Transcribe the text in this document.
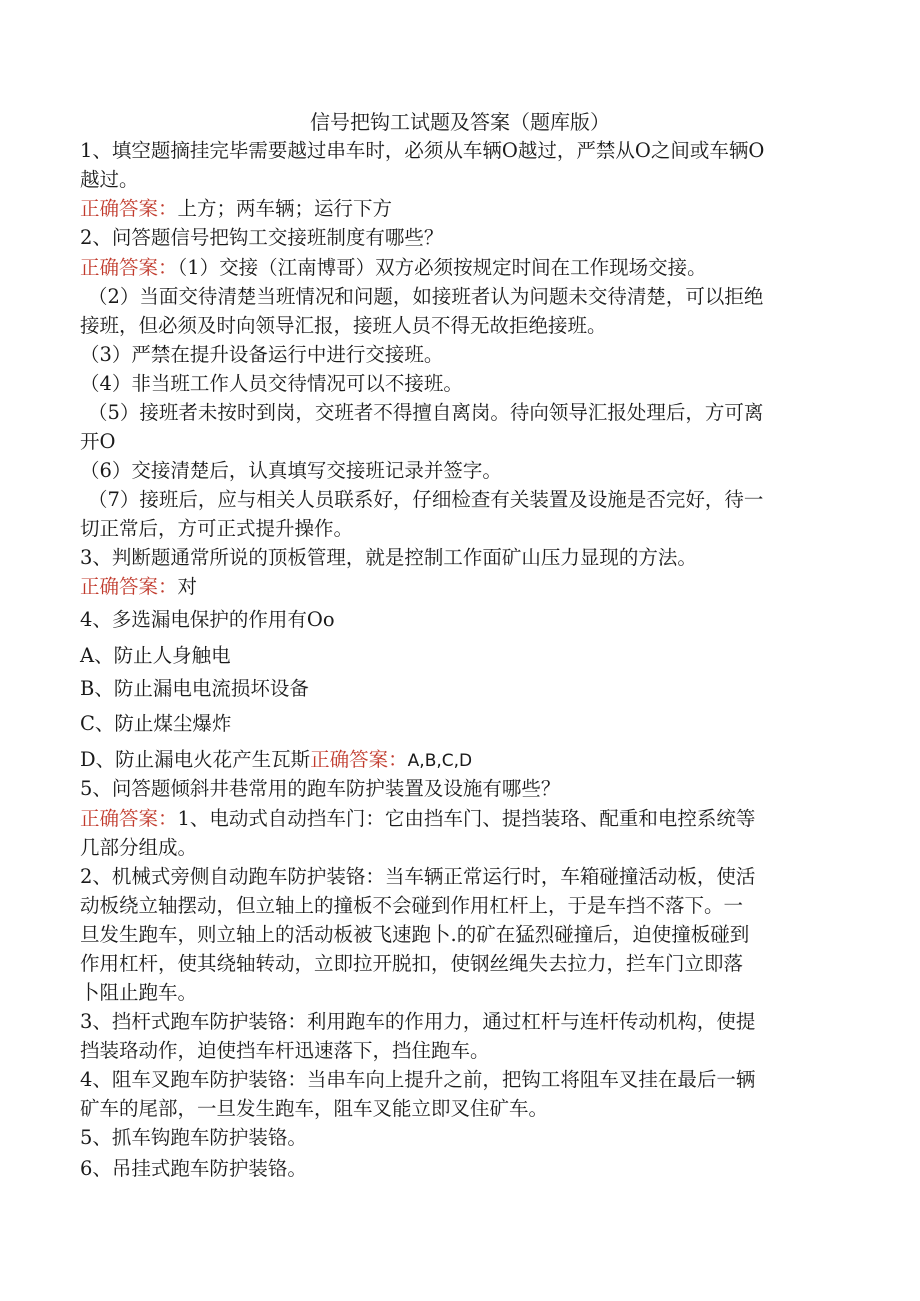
信号把钩工试题及答案（题库版）
1、填空题摘挂完毕需要越过串车时，必须从车辆O越过，严禁从O之间或车辆O
越过。
正确答案：上方；两车辆；运行下方
2、问答题信号把钩工交接班制度有哪些？
正确答案：（1）交接（江南博哥）双方必须按规定时间在工作现场交接。
（2）当面交待清楚当班情况和问题，如接班者认为问题未交待清楚，可以拒绝
接班，但必须及时向领导汇报，接班人员不得无故拒绝接班。
（3）严禁在提升设备运行中进行交接班。
（4）非当班工作人员交待情况可以不接班。
（5）接班者未按时到岗，交班者不得擅自离岗。待向领导汇报处理后，方可离
开O
（6）交接清楚后，认真填写交接班记录并签字。
（7）接班后，应与相关人员联系好，仔细检查有关装置及设施是否完好，待一
切正常后，方可正式提升操作。
3、判断题通常所说的顶板管理，就是控制工作面矿山压力显现的方法。
正确答案：对
4、多选漏电保护的作用有Oo
A、防止人身触电
B、防止漏电电流损坏设备
C、防止煤尘爆炸
D、防止漏电火花产生瓦斯正确答案：A,B,C,D
5、问答题倾斜井巷常用的跑车防护装置及设施有哪些？
正确答案：1、电动式自动挡车门：它由挡车门、提挡装珞、配重和电控系统等
几部分组成。
2、机械式旁侧自动跑车防护装铬：当车辆正常运行时，车箱碰撞活动板，使活
动板绕立轴摆动，但立轴上的撞板不会碰到作用杠杆上，于是车挡不落下。一
旦发生跑车，则立轴上的活动板被飞速跑卜.的矿在猛烈碰撞后，迫使撞板碰到
作用杠杆，使其绕轴转动，立即拉开脱扣，使钢丝绳失去拉力，拦车门立即落
卜阻止跑车。
3、挡杆式跑车防护装铬：利用跑车的作用力，通过杠杆与连杆传动机构，使提
挡装珞动作，迫使挡车杆迅速落下，挡住跑车。
4、阻车叉跑车防护装铬：当串车向上提升之前，把钩工将阻车叉挂在最后一辆
矿车的尾部，一旦发生跑车，阻车叉能立即叉住矿车。
5、抓车钩跑车防护装铬。
6、吊挂式跑车防护装铬。
